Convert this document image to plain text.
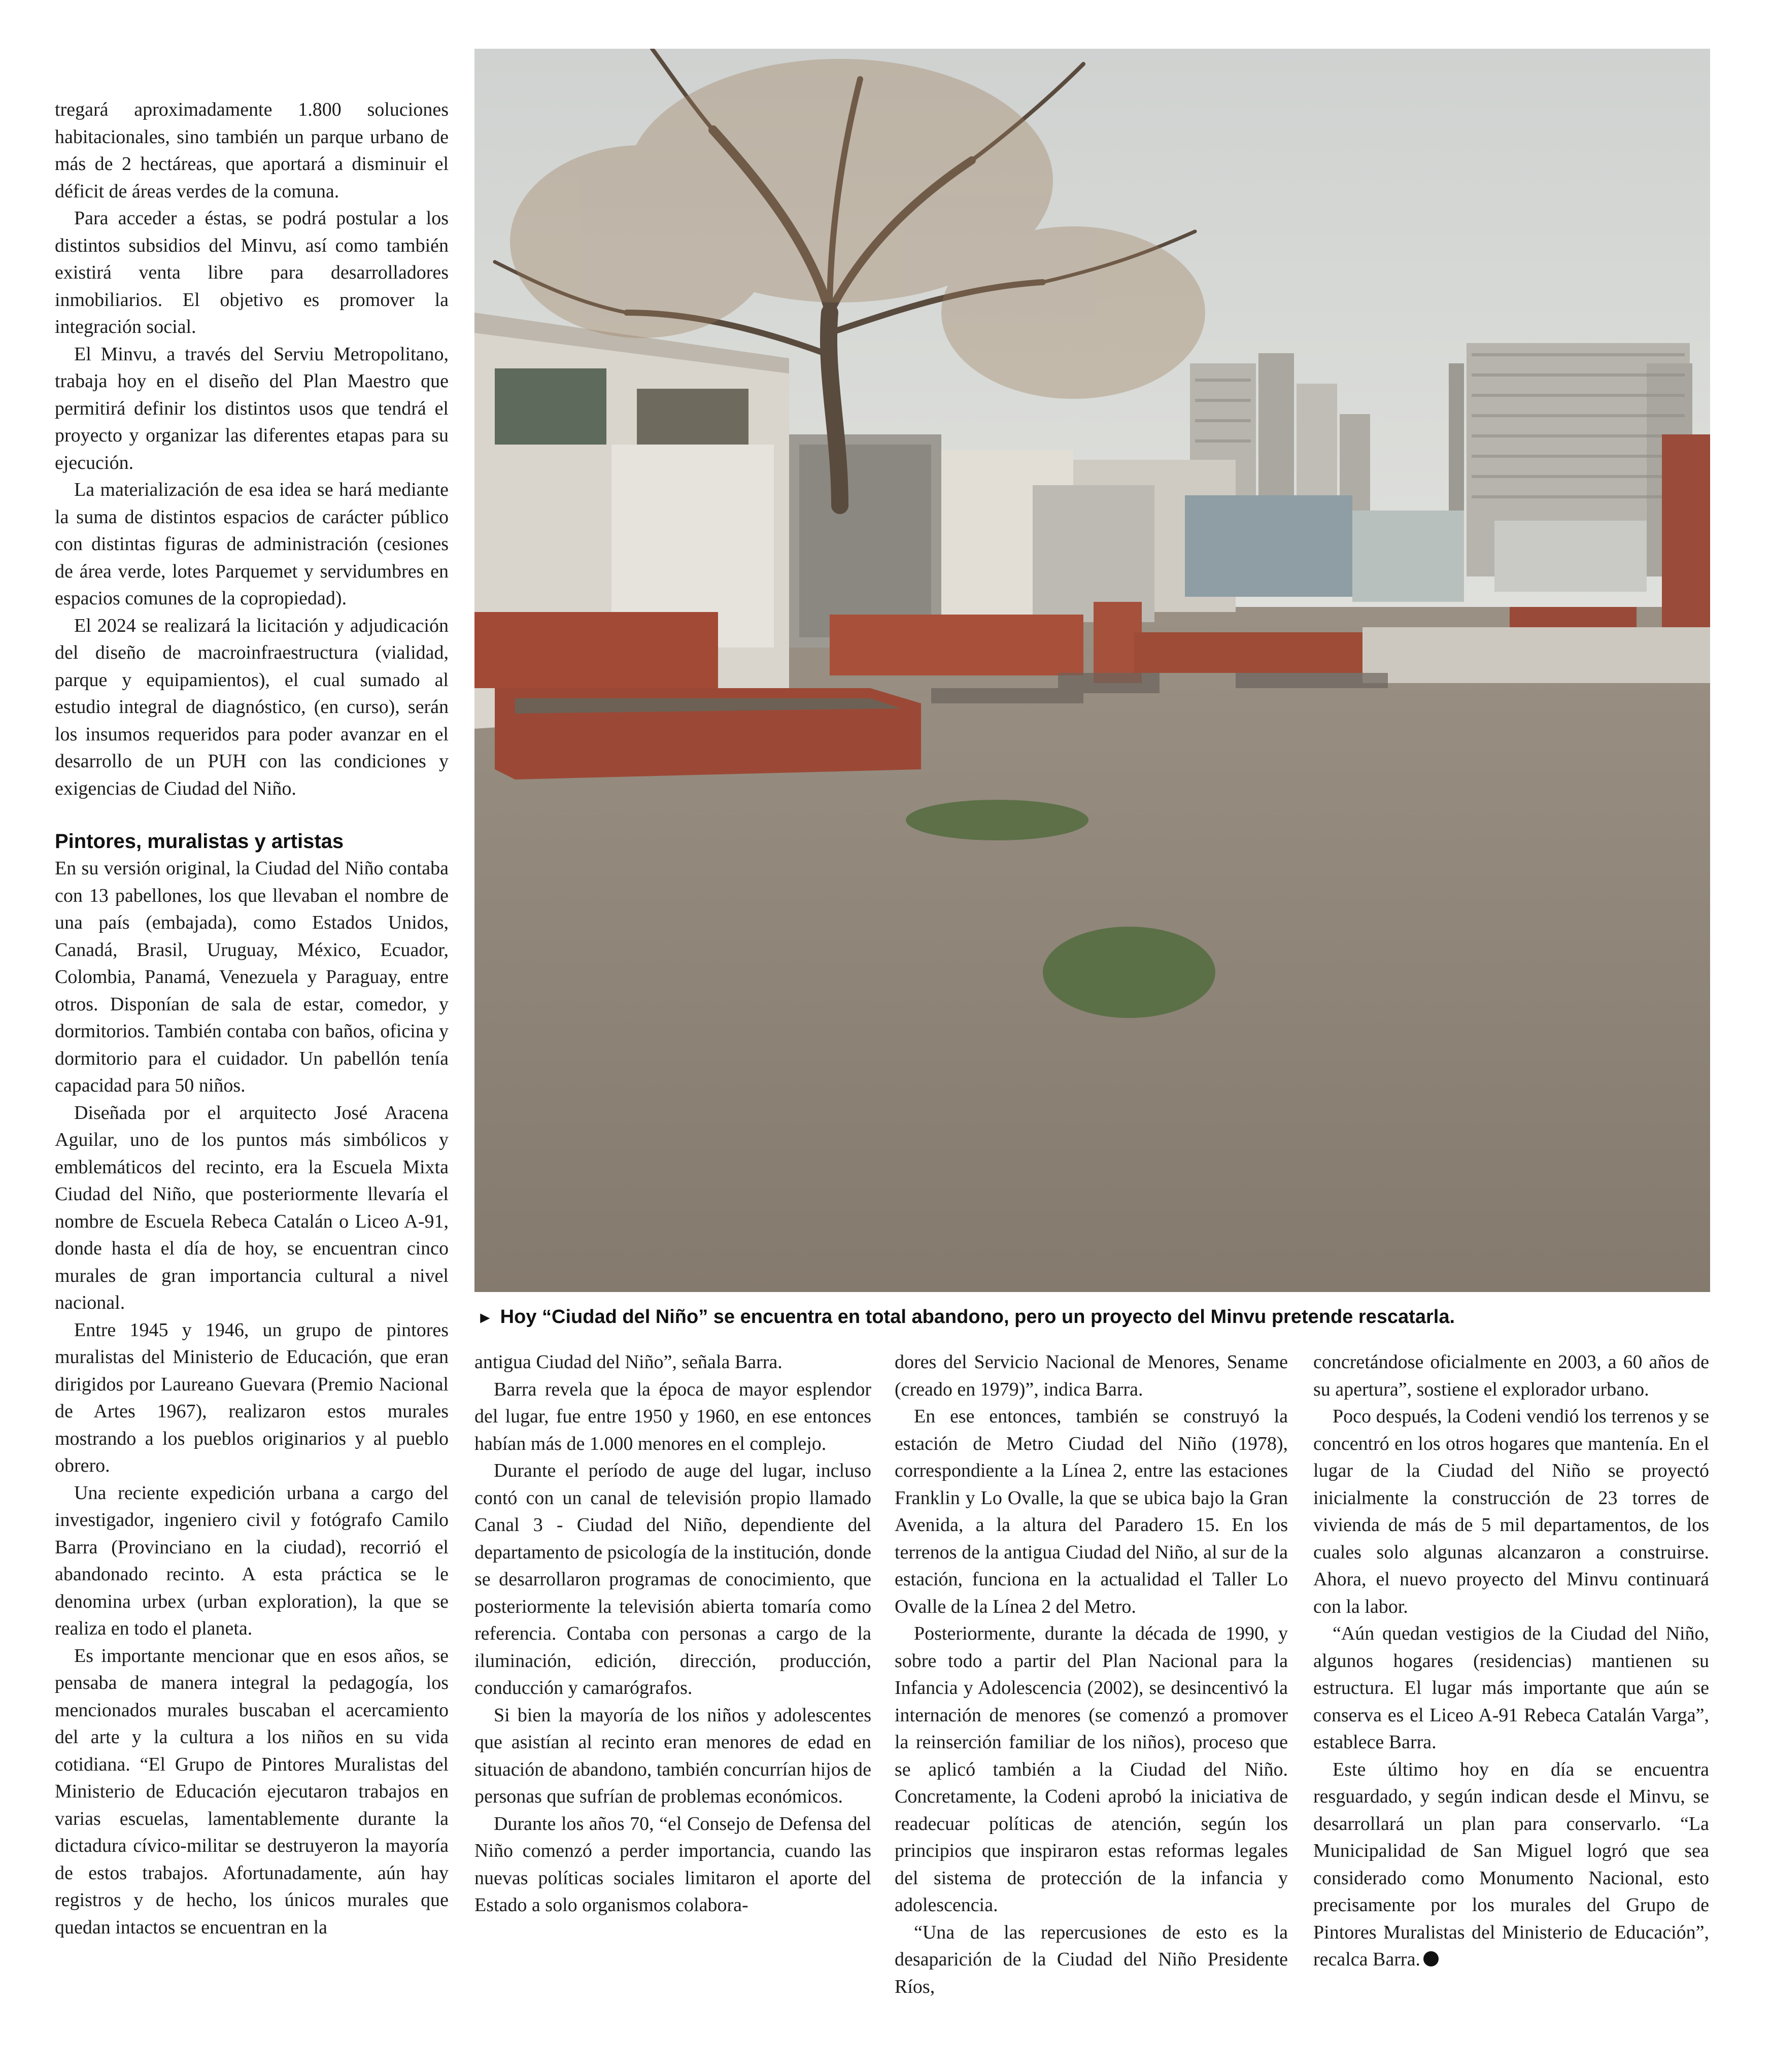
tregará aproximadamente 1.800 soluciones habitacionales, sino también un parque urbano de más de 2 hectáreas, que aportará a disminuir el déficit de áreas verdes de la comuna.

Para acceder a éstas, se podrá postular a los distintos subsidios del Minvu, así como también existirá venta libre para desarrolladores inmobiliarios. El objetivo es promover la integración social.

El Minvu, a través del Serviu Metropolitano, trabaja hoy en el diseño del Plan Maestro que permitirá definir los distintos usos que tendrá el proyecto y organizar las diferentes etapas para su ejecución.

La materialización de esa idea se hará mediante la suma de distintos espacios de carácter público con distintas figuras de administración (cesiones de área verde, lotes Parquemet y servidumbres en espacios comunes de la copropiedad).

El 2024 se realizará la licitación y adjudicación del diseño de macroinfraestructura (vialidad, parque y equipamientos), el cual sumado al estudio integral de diagnóstico, (en curso), serán los insumos requeridos para poder avanzar en el desarrollo de un PUH con las condiciones y exigencias de Ciudad del Niño.

Pintores, muralistas y artistas

En su versión original, la Ciudad del Niño contaba con 13 pabellones, los que llevaban el nombre de una país (embajada), como Estados Unidos, Canadá, Brasil, Uruguay, México, Ecuador, Colombia, Panamá, Venezuela y Paraguay, entre otros. Disponían de sala de estar, comedor, y dormitorios. También contaba con baños, oficina y dormitorio para el cuidador. Un pabellón tenía capacidad para 50 niños.

Diseñada por el arquitecto José Aracena Aguilar, uno de los puntos más simbólicos y emblemáticos del recinto, era la Escuela Mixta Ciudad del Niño, que posteriormente llevaría el nombre de Escuela Rebeca Catalán o Liceo A-91, donde hasta el día de hoy, se encuentran cinco murales de gran importancia cultural a nivel nacional.

Entre 1945 y 1946, un grupo de pintores muralistas del Ministerio de Educación, que eran dirigidos por Laureano Guevara (Premio Nacional de Artes 1967), realizaron estos murales mostrando a los pueblos originarios y al pueblo obrero.

Una reciente expedición urbana a cargo del investigador, ingeniero civil y fotógrafo Camilo Barra (Provinciano en la ciudad), recorrió el abandonado recinto. A esta práctica se le denomina urbex (urban exploration), la que se realiza en todo el planeta.

Es importante mencionar que en esos años, se pensaba de manera integral la pedagogía, los mencionados murales buscaban el acercamiento del arte y la cultura a los niños en su vida cotidiana. “El Grupo de Pintores Muralistas del Ministerio de Educación ejecutaron trabajos en varias escuelas, lamentablemente durante la dictadura cívico-militar se destruyeron la mayoría de estos trabajos. Afortunadamente, aún hay registros y de hecho, los únicos murales que quedan intactos se encuentran en la

► Hoy “Ciudad del Niño” se encuentra en total abandono, pero un proyecto del Minvu pretende rescatarla.

antigua Ciudad del Niño”, señala Barra.

Barra revela que la época de mayor esplendor del lugar, fue entre 1950 y 1960, en ese entonces habían más de 1.000 menores en el complejo.

Durante el período de auge del lugar, incluso contó con un canal de televisión propio llamado Canal 3 - Ciudad del Niño, dependiente del departamento de psicología de la institución, donde se desarrollaron programas de conocimiento, que posteriormente la televisión abierta tomaría como referencia. Contaba con personas a cargo de la iluminación, edición, dirección, producción, conducción y camarógrafos.

Si bien la mayoría de los niños y adolescentes que asistían al recinto eran menores de edad en situación de abandono, también concurrían hijos de personas que sufrían de problemas económicos.

Durante los años 70, “el Consejo de Defensa del Niño comenzó a perder importancia, cuando las nuevas políticas sociales limitaron el aporte del Estado a solo organismos colabora-

dores del Servicio Nacional de Menores, Sename (creado en 1979)”, indica Barra.

En ese entonces, también se construyó la estación de Metro Ciudad del Niño (1978), correspondiente a la Línea 2, entre las estaciones Franklin y Lo Ovalle, la que se ubica bajo la Gran Avenida, a la altura del Paradero 15. En los terrenos de la antigua Ciudad del Niño, al sur de la estación, funciona en la actualidad el Taller Lo Ovalle de la Línea 2 del Metro.

Posteriormente, durante la década de 1990, y sobre todo a partir del Plan Nacional para la Infancia y Adolescencia (2002), se desincentivó la internación de menores (se comenzó a promover la reinserción familiar de los niños), proceso que se aplicó también a la Ciudad del Niño. Concretamente, la Codeni aprobó la iniciativa de readecuar políticas de atención, según los principios que inspiraron estas reformas legales del sistema de protección de la infancia y adolescencia.

“Una de las repercusiones de esto es la desaparición de la Ciudad del Niño Presidente Ríos,

concretándose oficialmente en 2003, a 60 años de su apertura”, sostiene el explorador urbano.

Poco después, la Codeni vendió los terrenos y se concentró en los otros hogares que mantenía. En el lugar de la Ciudad del Niño se proyectó inicialmente la construcción de 23 torres de vivienda de más de 5 mil departamentos, de los cuales solo algunas alcanzaron a construirse. Ahora, el nuevo proyecto del Minvu continuará con la labor.

“Aún quedan vestigios de la Ciudad del Niño, algunos hogares (residencias) mantienen su estructura. El lugar más importante que aún se conserva es el Liceo A-91 Rebeca Catalán Varga”, establece Barra.

Este último hoy en día se encuentra resguardado, y según indican desde el Minvu, se desarrollará un plan para conservarlo. “La Municipalidad de San Miguel logró que sea considerado como Monumento Nacional, esto precisamente por los murales del Grupo de Pintores Muralistas del Ministerio de Educación”, recalca Barra.
